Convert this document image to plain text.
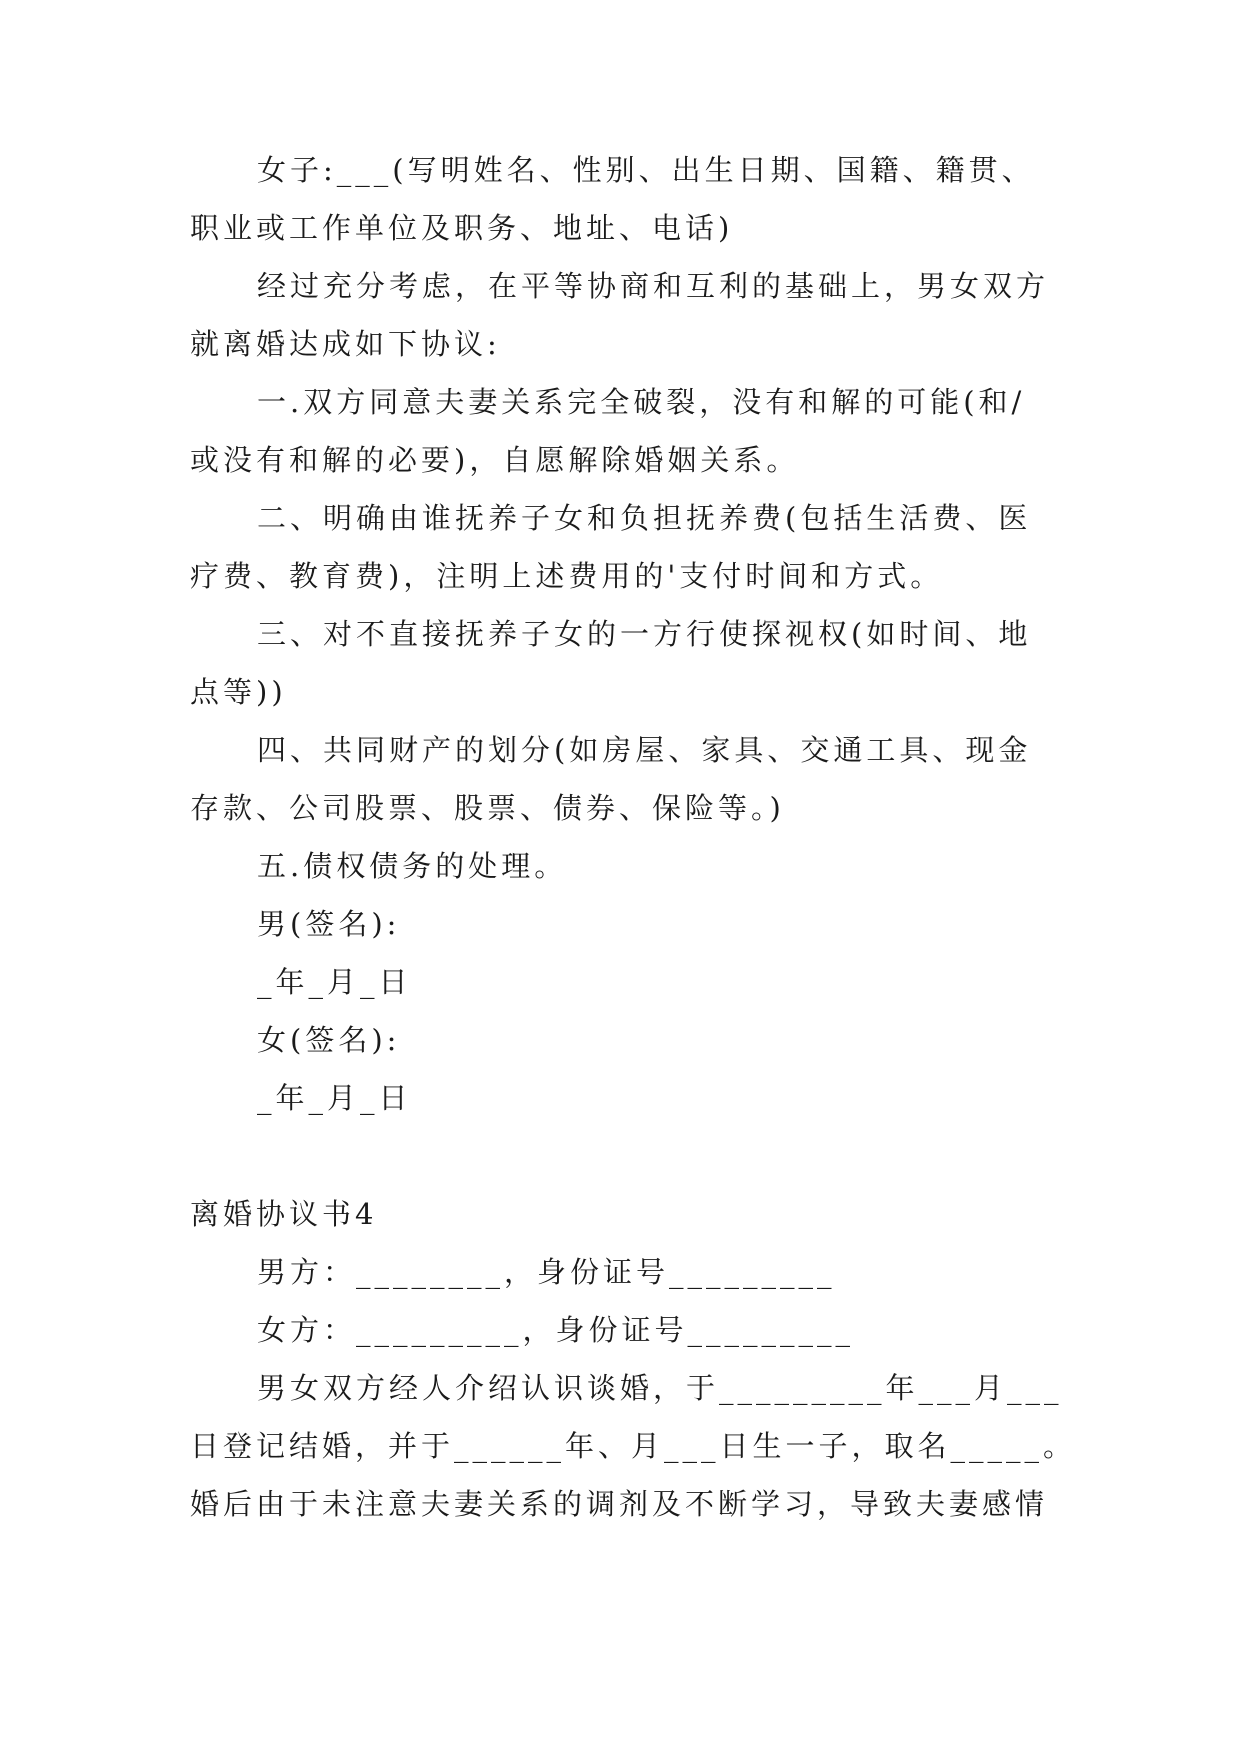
女子:___(写明姓名、性别、出生日期、国籍、籍贯、
职业或工作单位及职务、地址、电话)
经过充分考虑，在平等协商和互利的基础上，男女双方
就离婚达成如下协议:
一.双方同意夫妻关系完全破裂，没有和解的可能(和/
或没有和解的必要)，自愿解除婚姻关系。
二、明确由谁抚养子女和负担抚养费(包括生活费、医
疗费、教育费)，注明上述费用的'支付时间和方式。
三、对不直接抚养子女的一方行使探视权(如时间、地
点等))
四、共同财产的划分(如房屋、家具、交通工具、现金
存款、公司股票、股票、债券、保险等。)
五.债权债务的处理。
男(签名):
_年_月_日
女(签名):
_年_月_日
离婚协议书4
男方：________，身份证号_________
女方：_________，身份证号_________
男女双方经人介绍认识谈婚，于_________年___月___
日登记结婚，并于______年、月___日生一子，取名_____。
婚后由于未注意夫妻关系的调剂及不断学习，导致夫妻感情
